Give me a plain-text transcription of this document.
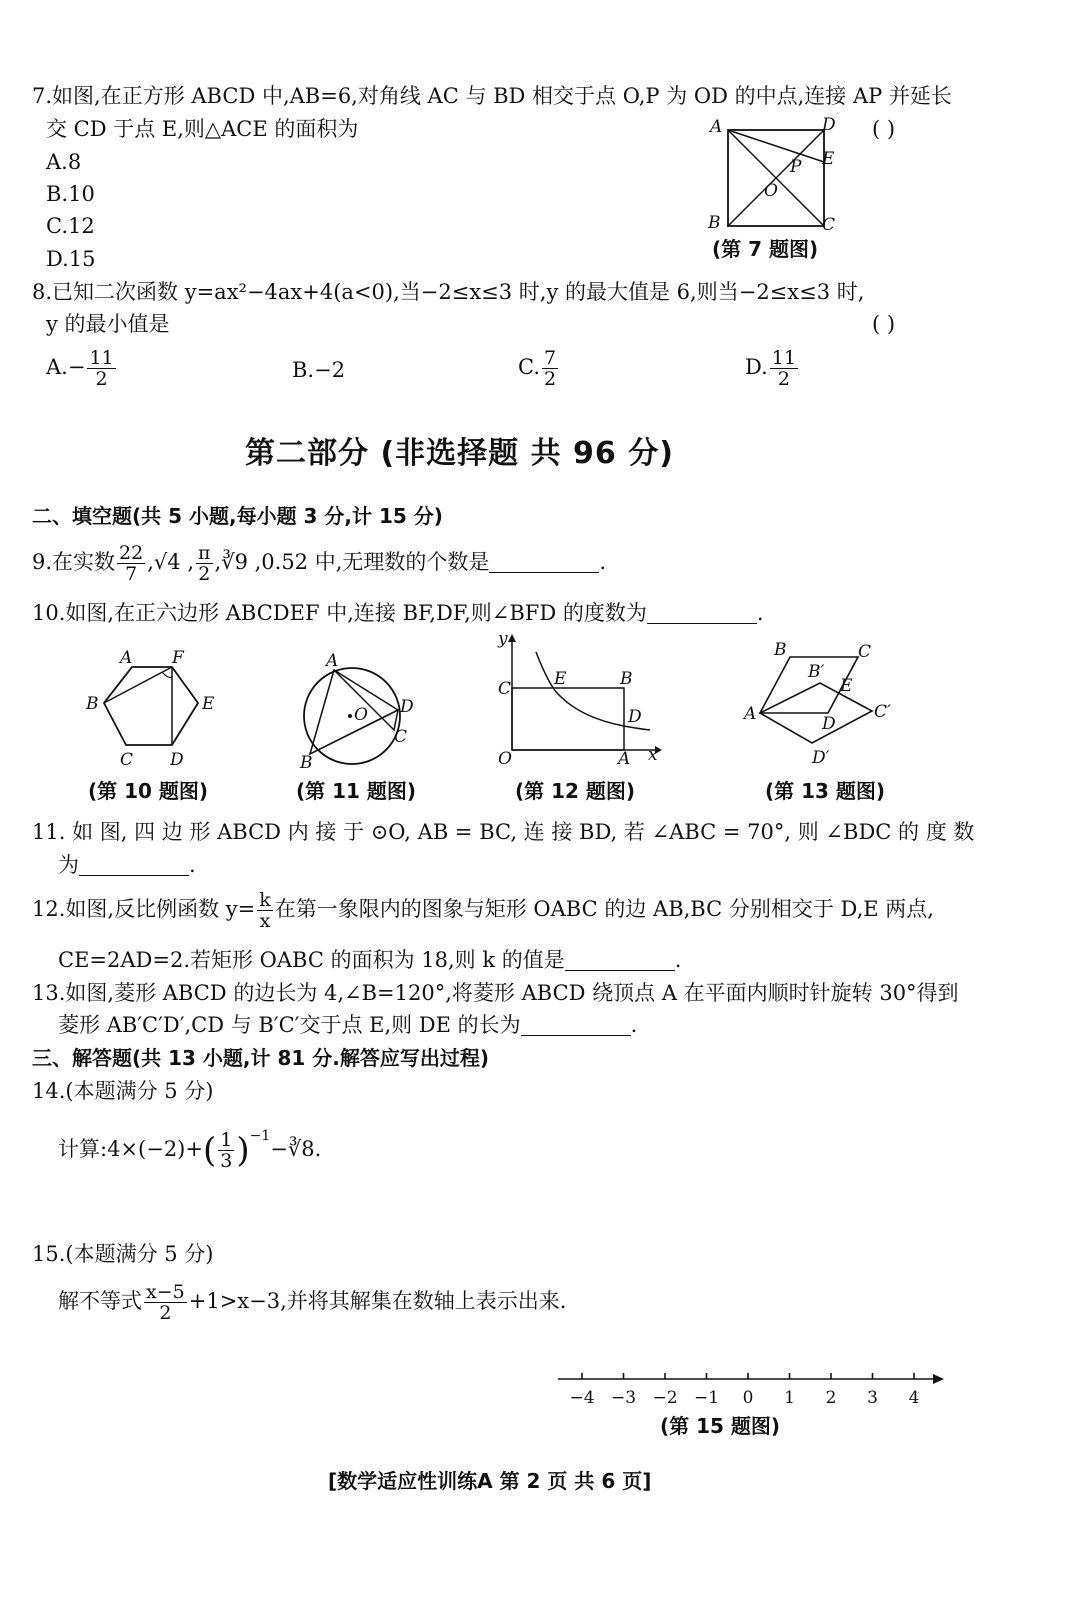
7.如图,在正方形 ABCD 中,AB=6,对角线 AC 与 BD 相交于点 O,P 为 OD 的中点,连接 AP 并延长
交 CD 于点 E,则△ACE 的面积为	( )
A.8
B.10
C.12
D.15
A	D
E
P
O
B	C
(第 7 题图)
8.已知二次函数 y=ax²−4ax+4(a<0),当−2≤x≤3 时,y 的最大值是 6,则当−2≤x≤3 时,
y 的最小值是	( )
$A.- \frac{11}{2}$	B.−2	C. $\frac{7}{2}$	D. $\frac{11}{2}$
第二部分 (非选择题 共 96 分)
二、填空题(共 5 小题,每小题 3 分,计 15 分)
9.在实数 $\frac{22}{7} ,√4$ , $\frac{\pi}{2}$ ,∛9 ,0.52 中,无理数的个数是	.
10.如图,在正六边形 ABCDEF 中,连接 BF,DF,则∠BFD 的度数为	.
A F
B	E
C D
(第 10 题图)
A
O D
C
B
(第 11 题图)
y
C	E	B
D
O	A x
(第 12 题图)
B	C
B′
E
A	D
C′
D′
(第 13 题图)
11. 如 图, 四 边 形 ABCD 内 接 于 ⊙O, AB = BC, 连 接 BD, 若 ∠ABC = 70°, 则 ∠BDC 的 度 数
为	.
12.如图,反比例函数 $y= \frac{k}{x}$ 在第一象限内的图象与矩形 OABC 的边 AB,BC 分别相交于 D,E 两点,
CE=2AD=2.若矩形 OABC 的面积为 18,则 k 的值是	.
13.如图,菱形 ABCD 的边长为 4,∠B=120°,将菱形 ABCD 绕顶点 A 在平面内顺时针旋转 30°得到
菱形 AB′C′D′,CD 与 B′C′交于点 E,则 DE 的长为	.
三、解答题(共 13 小题,计 81 分.解答应写出过程)
14.(本题满分 5 分)
计算:4×(−2)+( $\frac{1}{3}$ )$^{-1}$−∛8.
15.(本题满分 5 分)
解不等式 $\frac{x-5}{2} +1>x-3$,并将其解集在数轴上表示出来.
−4 −3 −2 −1 0 1 2 3 4
(第 15 题图)
[数学适应性训练A 第 2 页 共 6 页]
